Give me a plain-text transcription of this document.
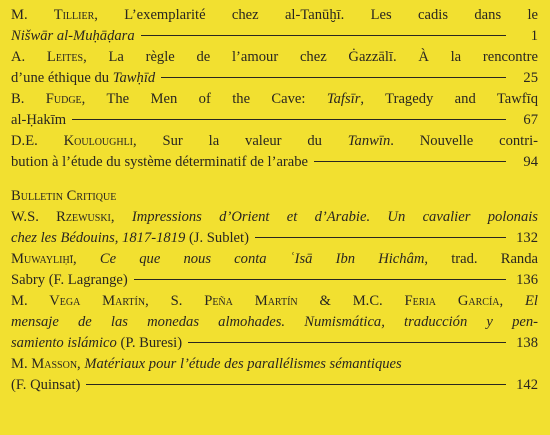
M. Tillier, L’exemplarité chez al-Tanūḫī. Les cadis dans le
Nišwār al-Muḥāḍara	1
A. Leites, La règle de l’amour chez Ġazzālī. À la rencontre
d’une éthique du Tawḥīd	25
B. Fudge, The Men of the Cave: Tafsīr, Tragedy and Tawfīq
al-Ḥakīm	67
D.E. Kouloughli, Sur la valeur du Tanwīn. Nouvelle contri-
bution à l’étude du système déterminatif de l’arabe	94
Bulletin Critique
W.S. Rzewuski, Impressions d’Orient et d’Arabie. Un cavalier polonais
chez les Bédouins, 1817-1819 (J. Sublet)	132
Muwayliḥī, Ce que nous conta ʿIsā Ibn Hichâm, trad. Randa
Sabry (F. Lagrange)	136
M. Vega Martín, S. Peña Martín & M.C. Feria García, El
mensaje de las monedas almohades. Numismática, traducción y pen-
samiento islámico (P. Buresi)	138
M. Masson, Matériaux pour l’étude des parallélismes sémantiques
(F. Quinsat)	142
